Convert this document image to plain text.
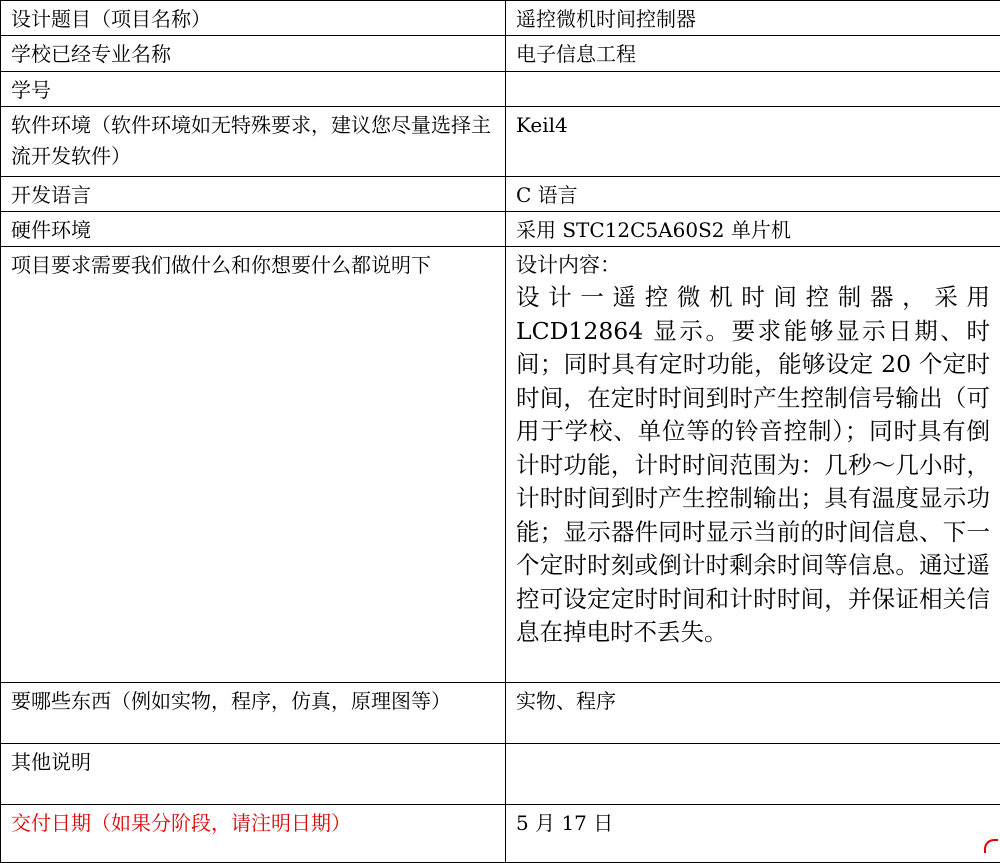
设计题目（项目名称）	遥控微机时间控制器
学校已经专业名称	电子信息工程
学号	
软件环境（软件环境如无特殊要求，建议您尽量选择主流开发软件）	Keil4
开发语言	C 语言
硬件环境	采用 STC12C5A60S2 单片机
项目要求需要我们做什么和你想要什么都说明下	设计内容：
设计一遥控微机时间控制器，采用LCD12864 显示。要求能够显示日期、时间；同时具有定时功能，能够设定 20 个定时时间，在定时时间到时产生控制信号输出（可用于学校、单位等的铃音控制）；同时具有倒计时功能，计时时间范围为：几秒～几小时，计时时间到时产生控制输出；具有温度显示功能；显示器件同时显示当前的时间信息、下一个定时时刻或倒计时剩余时间等信息。通过遥控可设定定时时间和计时时间，并保证相关信息在掉电时不丢失。

要哪些东西（例如实物，程序，仿真，原理图等）	实物、程序
其他说明	
交付日期（如果分阶段，请注明日期）	5 月 17 日
